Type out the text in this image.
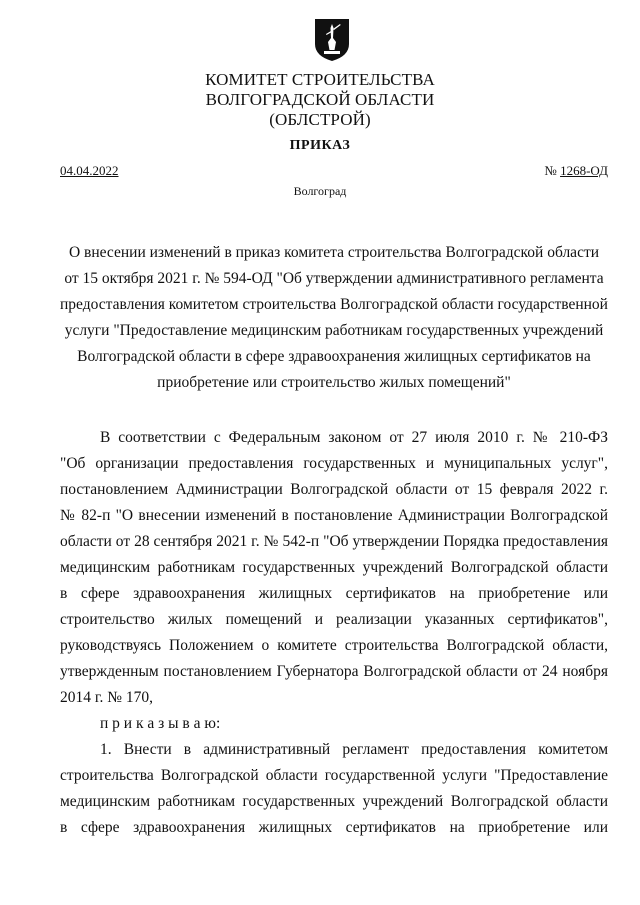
КОМИТЕТ СТРОИТЕЛЬСТВА
ВОЛГОГРАДСКОЙ ОБЛАСТИ
(ОБЛСТРОЙ)
ПРИКАЗ
04.04.2022	№ 1268-ОД
Волгоград
О внесении изменений в приказ комитета строительства Волгоградской области
от 15 октября 2021 г. № 594-ОД "Об утверждении административного регламента
предоставления комитетом строительства Волгоградской области государственной
услуги "Предоставление медицинским работникам государственных учреждений
Волгоградской области в сфере здравоохранения жилищных сертификатов на
приобретение или строительство жилых помещений"
В соответствии с Федеральным законом от 27 июля 2010 г. № 210-ФЗ
"Об организации предоставления государственных и муниципальных услуг",
постановлением Администрации Волгоградской области от 15 февраля 2022 г.
№ 82-п "О внесении изменений в постановление Администрации Волгоградской
области от 28 сентября 2021 г. № 542-п "Об утверждении Порядка предоставления
медицинским работникам государственных учреждений Волгоградской области
в сфере здравоохранения жилищных сертификатов на приобретение или
строительство жилых помещений и реализации указанных сертификатов",
руководствуясь Положением о комитете строительства Волгоградской области,
утвержденным постановлением Губернатора Волгоградской области от 24 ноября
2014 г. № 170,
п р и к а з ы в а ю:
1. Внести в административный регламент предоставления комитетом
строительства Волгоградской области государственной услуги "Предоставление
медицинским работникам государственных учреждений Волгоградской области
в сфере здравоохранения жилищных сертификатов на приобретение или
